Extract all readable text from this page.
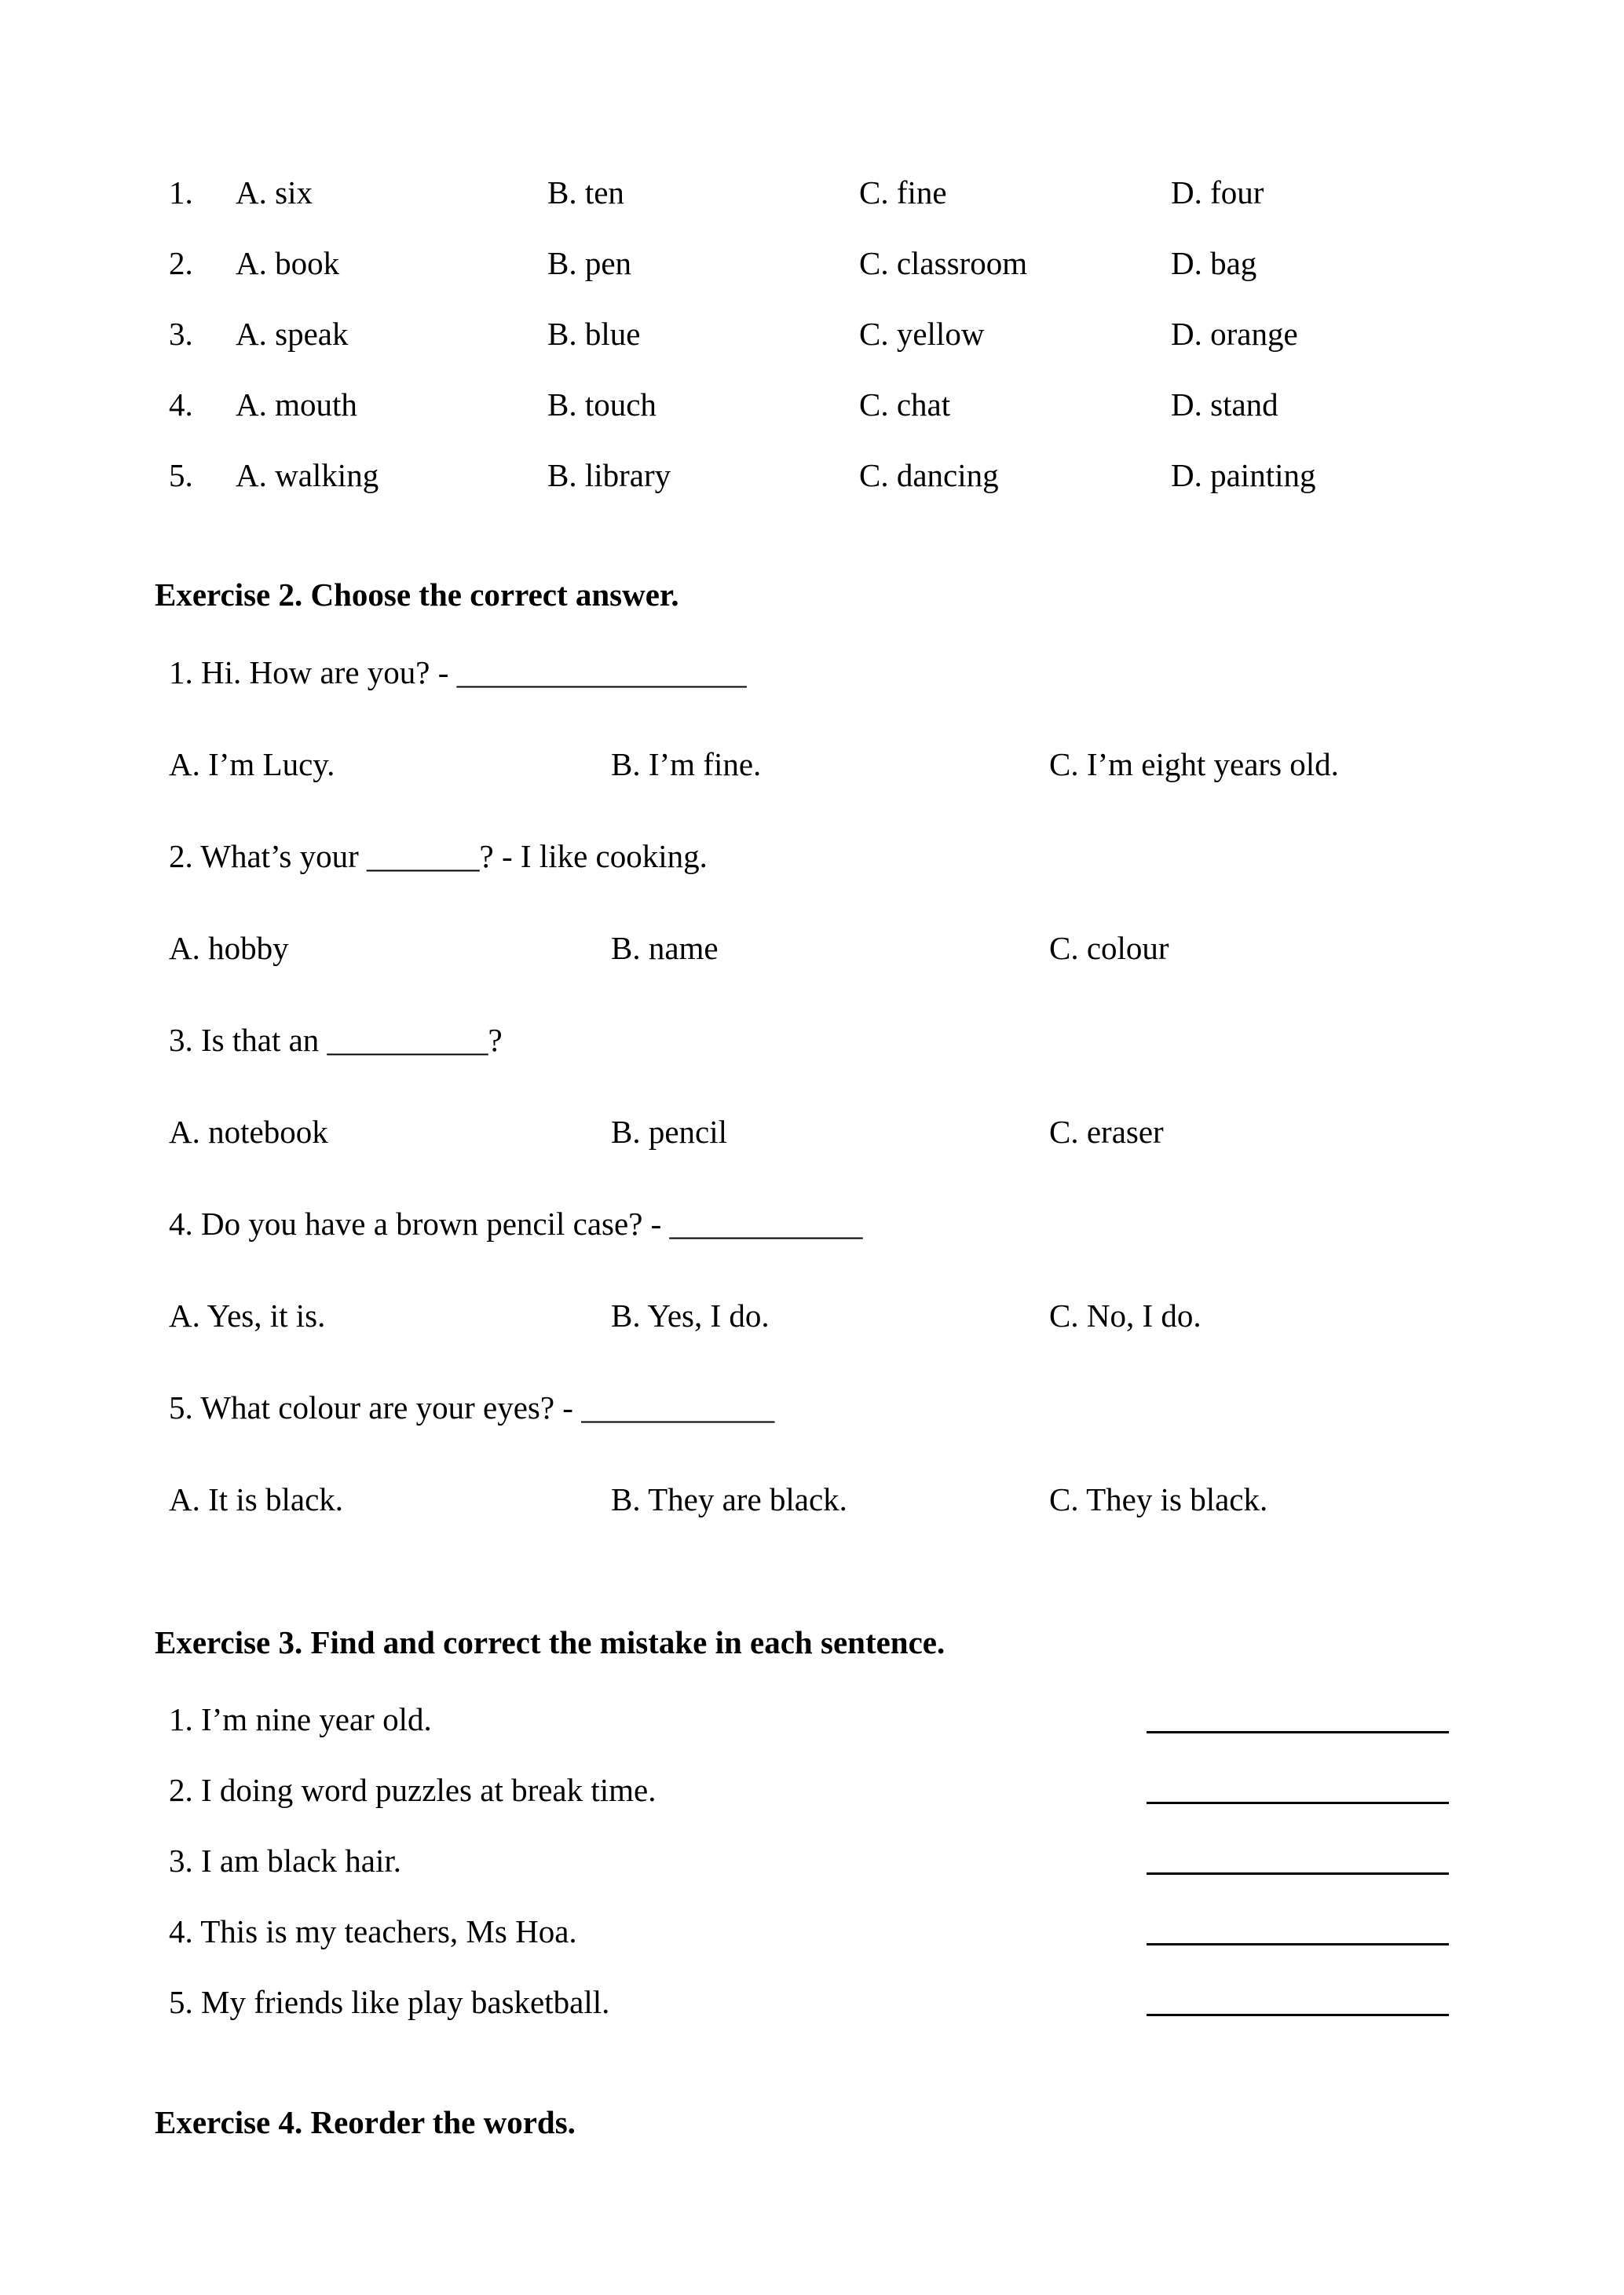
1. A. six	B. ten	C. fine	D. four
2. A. book	B. pen	C. classroom	D. bag
3. A. speak	B. blue	C. yellow	D. orange
4. A. mouth	B. touch	C. chat	D. stand
5. A. walking	B. library	C. dancing	D. painting
Exercise 2. Choose the correct answer.
1. Hi. How are you? - __________________
A. I’m Lucy.	B. I’m fine.	C. I’m eight years old.
2. What’s your _______? - I like cooking.
A. hobby	B. name	C. colour
3. Is that an __________?
A. notebook	B. pencil	C. eraser
4. Do you have a brown pencil case? - ____________
A. Yes, it is.	B. Yes, I do.	C. No, I do.
5. What colour are your eyes? - ____________
A. It is black.	B. They are black.	C. They is black.
Exercise 3. Find and correct the mistake in each sentence.
1. I’m nine year old.
2. I doing word puzzles at break time.
3. I am black hair.
4. This is my teachers, Ms Hoa.
5. My friends like play basketball.
Exercise 4. Reorder the words.
